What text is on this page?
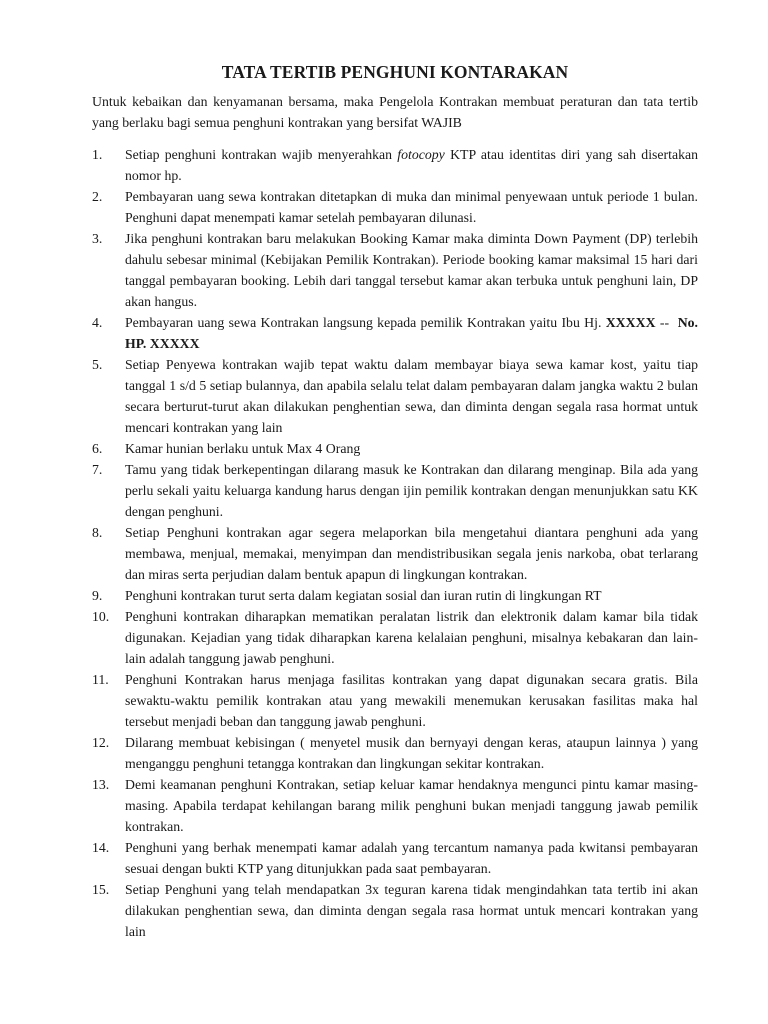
TATA TERTIB PENGHUNI KONTARAKAN

Untuk kebaikan dan kenyamanan bersama, maka Pengelola Kontrakan membuat peraturan dan tata tertib yang berlaku bagi semua penghuni kontrakan yang bersifat WAJIB

1.	Setiap penghuni kontrakan wajib menyerahkan fotocopy KTP atau identitas diri yang sah disertakan nomor hp.
2.	Pembayaran uang sewa kontrakan ditetapkan di muka dan minimal penyewaan untuk periode 1 bulan. Penghuni dapat menempati kamar setelah pembayaran dilunasi.
3.	Jika penghuni kontrakan baru melakukan Booking Kamar maka diminta Down Payment (DP) terlebih dahulu sebesar minimal (Kebijakan Pemilik Kontrakan). Periode booking kamar maksimal 15 hari dari tanggal pembayaran booking. Lebih dari tanggal tersebut kamar akan terbuka untuk penghuni lain, DP akan hangus.
4.	Pembayaran uang sewa Kontrakan langsung kepada pemilik Kontrakan yaitu Ibu Hj. XXXXX -- No. HP. XXXXX
5.	Setiap Penyewa kontrakan wajib tepat waktu dalam membayar biaya sewa kamar kost, yaitu tiap tanggal 1 s/d 5 setiap bulannya, dan apabila selalu telat dalam pembayaran dalam jangka waktu 2 bulan secara berturut-turut akan dilakukan penghentian sewa, dan diminta dengan segala rasa hormat untuk mencari kontrakan yang lain
6.	Kamar hunian berlaku untuk Max 4 Orang
7.	Tamu yang tidak berkepentingan dilarang masuk ke Kontrakan dan dilarang menginap. Bila ada yang perlu sekali yaitu keluarga kandung harus dengan ijin pemilik kontrakan dengan menunjukkan satu KK dengan penghuni.
8.	Setiap Penghuni kontrakan agar segera melaporkan bila mengetahui diantara penghuni ada yang membawa, menjual, memakai, menyimpan dan mendistribusikan segala jenis narkoba, obat terlarang dan miras serta perjudian dalam bentuk apapun di lingkungan kontrakan.
9.	Penghuni kontrakan turut serta dalam kegiatan sosial dan iuran rutin di lingkungan RT
10.	Penghuni kontrakan diharapkan mematikan peralatan listrik dan elektronik dalam kamar bila tidak digunakan. Kejadian yang tidak diharapkan karena kelalaian penghuni, misalnya kebakaran dan lain-lain adalah tanggung jawab penghuni.
11.	Penghuni Kontrakan harus menjaga fasilitas kontrakan yang dapat digunakan secara gratis. Bila sewaktu-waktu pemilik kontrakan atau yang mewakili menemukan kerusakan fasilitas maka hal tersebut menjadi beban dan tanggung jawab penghuni.
12.	Dilarang membuat kebisingan ( menyetel musik dan bernyayi dengan keras, ataupun lainnya ) yang menganggu penghuni tetangga kontrakan dan lingkungan sekitar kontrakan.
13.	Demi keamanan penghuni Kontrakan, setiap keluar kamar hendaknya mengunci pintu kamar masing-masing. Apabila terdapat kehilangan barang milik penghuni bukan menjadi tanggung jawab pemilik kontrakan.
14.	Penghuni yang berhak menempati kamar adalah yang tercantum namanya pada kwitansi pembayaran sesuai dengan bukti KTP yang ditunjukkan pada saat pembayaran.
15.	Setiap Penghuni yang telah mendapatkan 3x teguran karena tidak mengindahkan tata tertib ini akan dilakukan penghentian sewa, dan diminta dengan segala rasa hormat untuk mencari kontrakan yang lain
